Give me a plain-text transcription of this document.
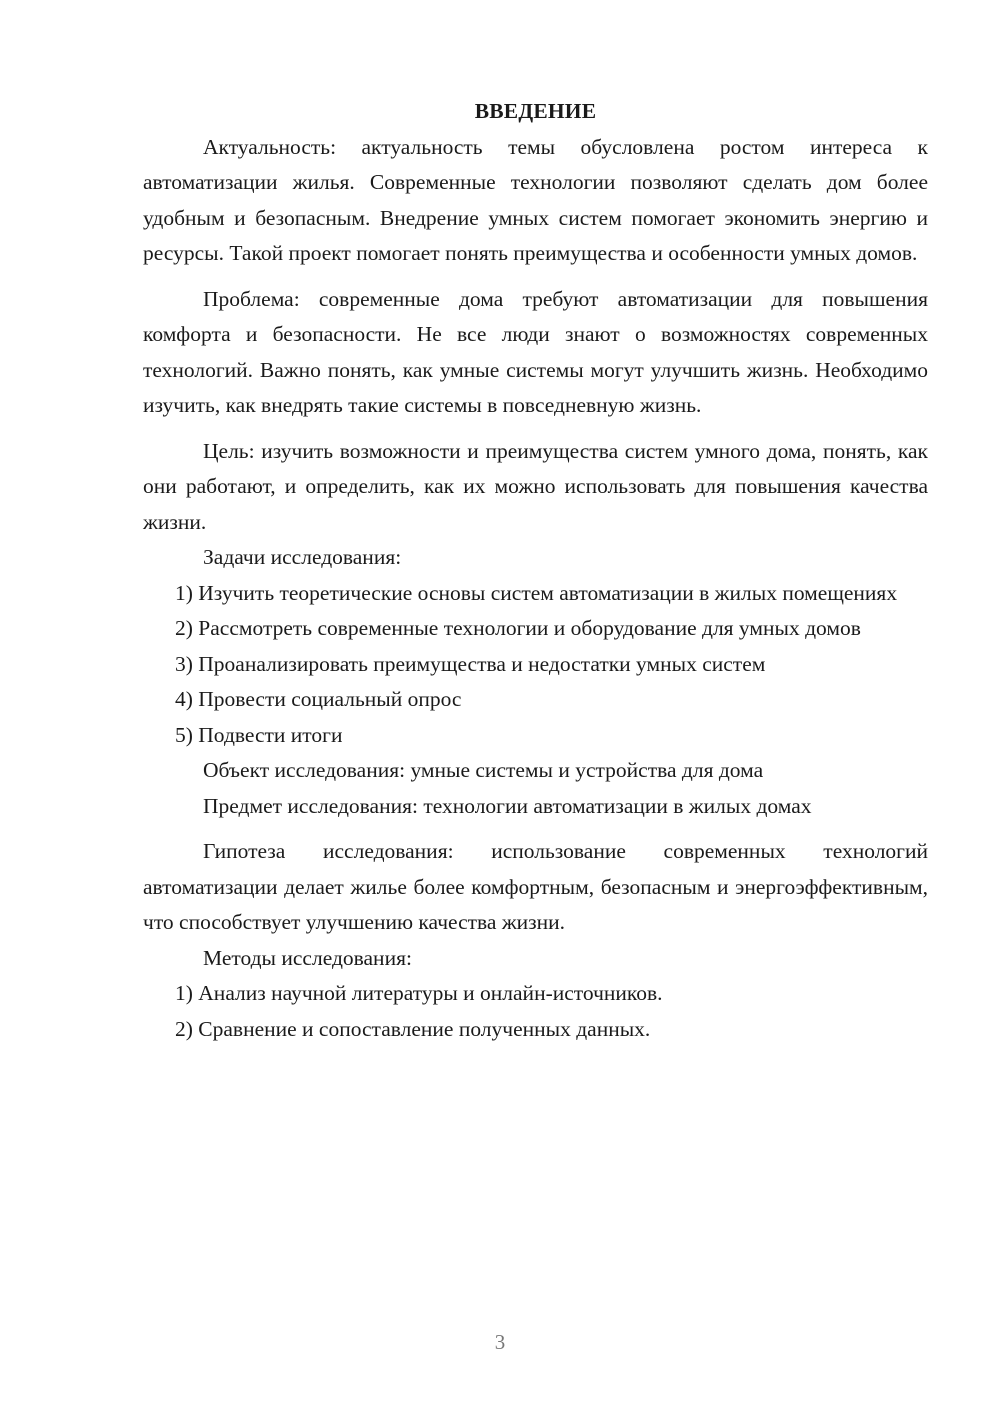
ВВЕДЕНИЕ

Актуальность: актуальность темы обусловлена ростом интереса к автоматизации жилья. Современные технологии позволяют сделать дом более удобным и безопасным. Внедрение умных систем помогает экономить энергию и ресурсы. Такой проект помогает понять преимущества и особенности умных домов.

Проблема: современные дома требуют автоматизации для повышения комфорта и безопасности. Не все люди знают о возможностях современных технологий. Важно понять, как умные системы могут улучшить жизнь. Необходимо изучить, как внедрять такие системы в повседневную жизнь.

Цель: изучить возможности и преимущества систем умного дома, понять, как они работают, и определить, как их можно использовать для повышения качества жизни.

Задачи исследования:

1) Изучить теоретические основы систем автоматизации в жилых помещениях

2) Рассмотреть современные технологии и оборудование для умных домов

3) Проанализировать преимущества и недостатки умных систем

4) Провести социальный опрос

5) Подвести итоги

Объект исследования: умные системы и устройства для дома

Предмет исследования: технологии автоматизации в жилых домах

Гипотеза исследования: использование современных технологий автоматизации делает жилье более комфортным, безопасным и энергоэффективным, что способствует улучшению качества жизни.

Методы исследования:

1) Анализ научной литературы и онлайн-источников.

2) Сравнение и сопоставление полученных данных.

3
